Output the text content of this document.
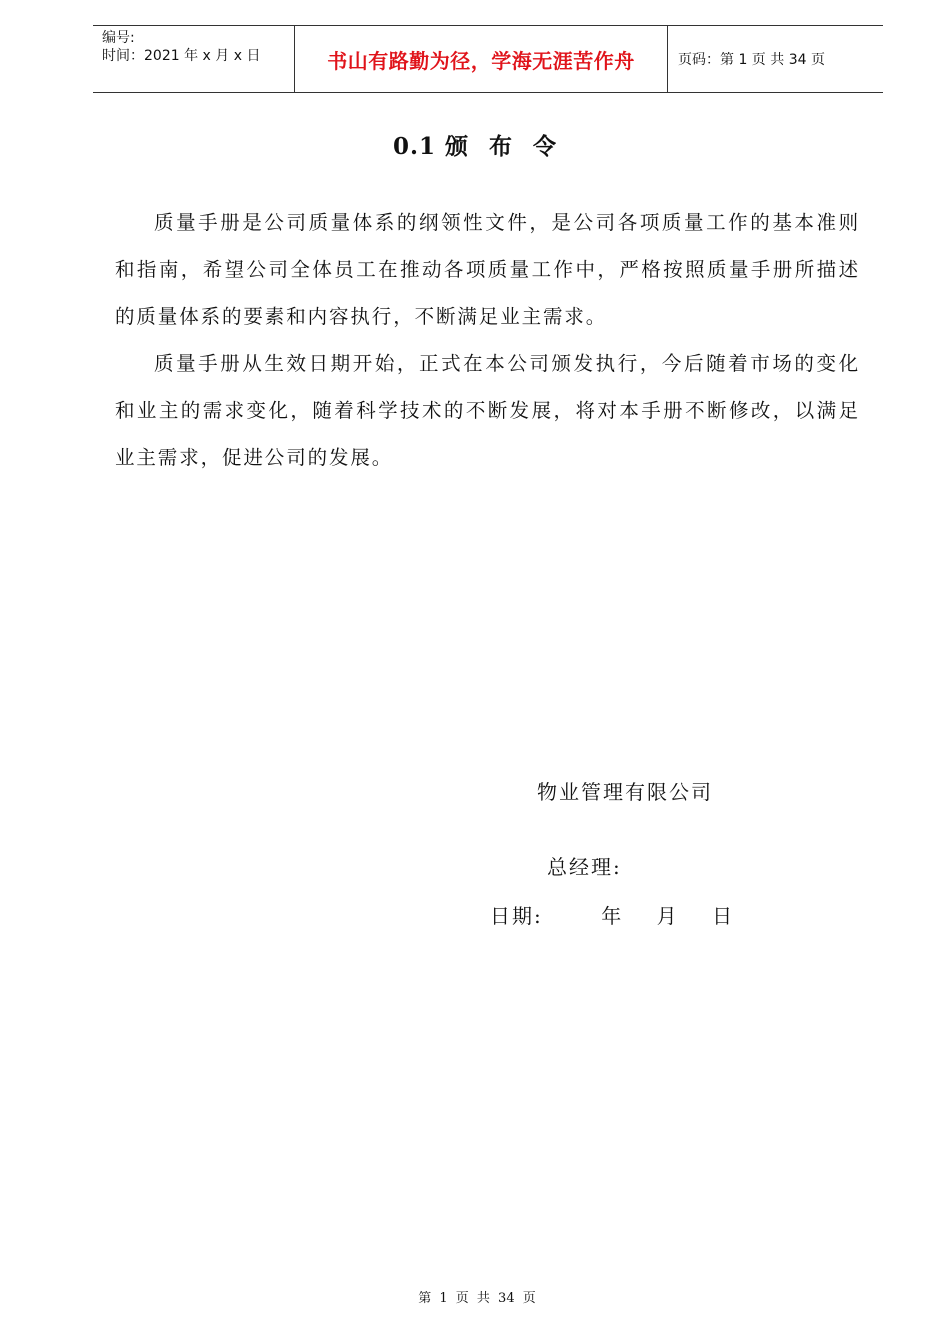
编号:
时间：2021 年 x 月 x 日	书山有路勤为径，学海无涯苦作舟	页码：第 1 页 共 34 页
0.1 颁 布 令

质量手册是公司质量体系的纲领性文件，是公司各项质量工作的基本准则和指南，希望公司全体员工在推动各项质量工作中，严格按照质量手册所描述的质量体系的要素和内容执行，不断满足业主需求。

质量手册从生效日期开始，正式在本公司颁发执行，今后随着市场的变化和业主的需求变化，随着科学技术的不断发展，将对本手册不断修改，以满足业主需求，促进公司的发展。

物业管理有限公司
总经理:
日期:       年    月    日
第 1 页 共 34 页
